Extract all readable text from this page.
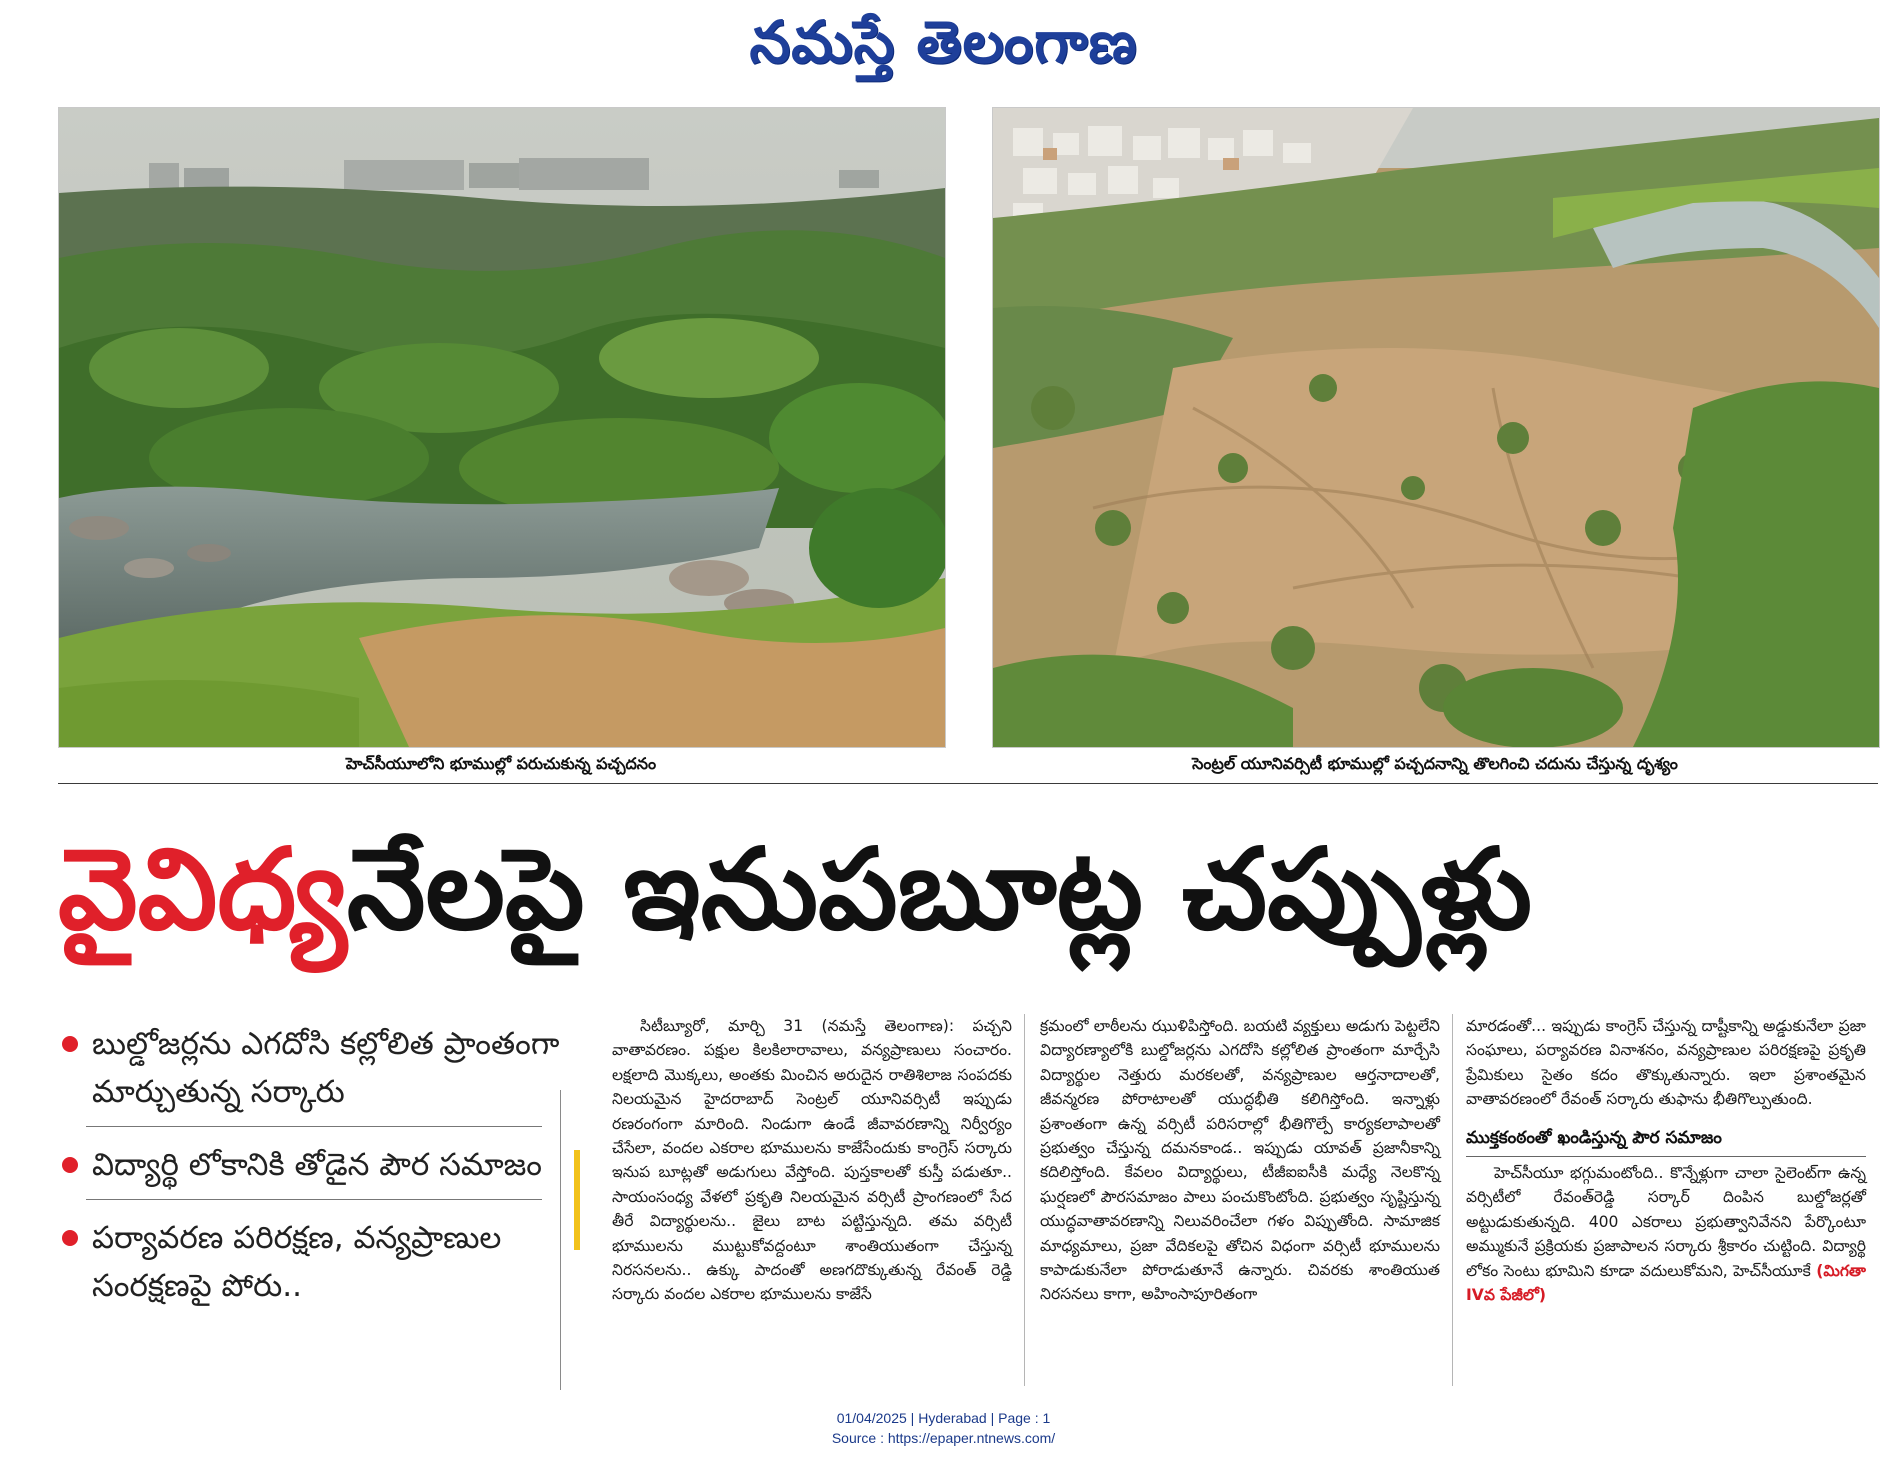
నమస్తే తెలంగాణ
హెచ్‌సీయూలోని భూముల్లో పరుచుకున్న పచ్చదనం	సెంట్రల్ యూనివర్సిటీ భూముల్లో పచ్చదనాన్ని తొలగించి చదును చేస్తున్న దృశ్యం
వైవిధ్యనేలపై ఇనుపబూట్ల చప్పుళ్లు
బుల్డోజర్లను ఎగదోసి కల్లోలిత ప్రాంతంగా మార్చుతున్న సర్కారు
విద్యార్థి లోకానికి తోడైన పౌర సమాజం
పర్యావరణ పరిరక్షణ, వన్యప్రాణుల సంరక్షణపై పోరు..

సిటీబ్యూరో, మార్చి 31 (నమస్తే తెలంగాణ): పచ్చని వాతావరణం. పక్షుల కిలకిలారావాలు, వన్యప్రాణులు సంచారం. లక్షలాది మొక్కలు, అంతకు మించిన అరుదైన రాతిశిలాజ సంపదకు నిలయమైన హైదరాబాద్ సెంట్రల్ యూనివర్సిటీ ఇప్పుడు రణరంగంగా మారింది. నిండుగా ఉండే జీవావరణాన్ని నిర్వీర్యం చేసేలా, వందల ఎకరాల భూములను కాజేసేందుకు కాంగ్రెస్ సర్కారు ఇనుప బూట్లతో అడుగులు వేస్తోంది. పుస్తకాలతో కుస్తీ పడుతూ.. సాయంసంధ్య వేళలో ప్రకృతి నిలయమైన వర్సిటీ ప్రాంగణంలో సేద తీరే విద్యార్థులను.. జైలు బాట పట్టిస్తున్నది. తమ వర్సిటీ భూములను ముట్టుకోవద్దంటూ శాంతియుతంగా చేస్తున్న నిరసనలను.. ఉక్కు పాదంతో అణగదొక్కుతున్న రేవంత్ రెడ్డి సర్కారు వందల ఎకరాల భూములను కాజేసే

క్రమంలో లాఠీలను ఝుళిపిస్తోంది. బయటి వ్యక్తులు అడుగు పెట్టలేని విద్యారణ్యాలోకి బుల్డోజర్లను ఎగదోసి కల్లోలిత ప్రాంతంగా మార్చేసి విద్యార్థుల నెత్తురు మరకలతో, వన్యప్రాణుల ఆర్తనాదాలతో, జీవన్మరణ పోరాటాలతో యుద్ధభీతి కలిగిస్తోంది. ఇన్నాళ్లు ప్రశాంతంగా ఉన్న వర్సిటీ పరిసరాల్లో భీతిగొల్పే కార్యకలాపాలతో ప్రభుత్వం చేస్తున్న దమనకాండ.. ఇప్పుడు యావత్ ప్రజానీకాన్ని కదిలిస్తోంది. కేవలం విద్యార్థులు, టీజీఐఐసీకి మధ్యే నెలకొన్న ఘర్షణలో పౌరసమాజం పాలు పంచుకొంటోంది. ప్రభుత్వం సృష్టిస్తున్న యుద్ధవాతావరణాన్ని నిలువరించేలా గళం విప్పుతోంది. సామాజిక మాధ్యమాలు, ప్రజా వేదికలపై తోచిన విధంగా వర్సిటీ భూములను కాపాడుకునేలా పోరాడుతూనే ఉన్నారు. చివరకు శాంతియుత నిరసనలు కాగా, అహింసాపూరితంగా

మారడంతో... ఇప్పుడు కాంగ్రెస్ చేస్తున్న దాష్టీకాన్ని అడ్డుకునేలా ప్రజా సంఘాలు, పర్యావరణ వినాశనం, వన్యప్రాణుల పరిరక్షణపై ప్రకృతి ప్రేమికులు సైతం కదం తొక్కుతున్నారు. ఇలా ప్రశాంతమైన వాతావరణంలో రేవంత్ సర్కారు తుఫాను భీతిగొల్పుతుంది.

ముక్తకంఠంతో ఖండిస్తున్న పౌర సమాజం

హెచ్‌సీయూ భగ్గుమంటోంది.. కొన్నేళ్లుగా చాలా సైలెంట్‌గా ఉన్న వర్సిటీలో రేవంత్‌రెడ్డి సర్కార్ దింపిన బుల్డోజర్లతో అట్టుడుకుతున్నది. 400 ఎకరాలు ప్రభుత్వానివేనని పేర్కొంటూ అమ్ముకునే ప్రక్రియకు ప్రజాపాలన సర్కారు శ్రీకారం చుట్టింది. విద్యార్థి లోకం సెంటు భూమిని కూడా వదులుకోమని, హెచ్‌సీయూకే (మిగతా IVవ పేజీలో)

01/04/2025 | Hyderabad | Page : 1
Source : https://epaper.ntnews.com/
